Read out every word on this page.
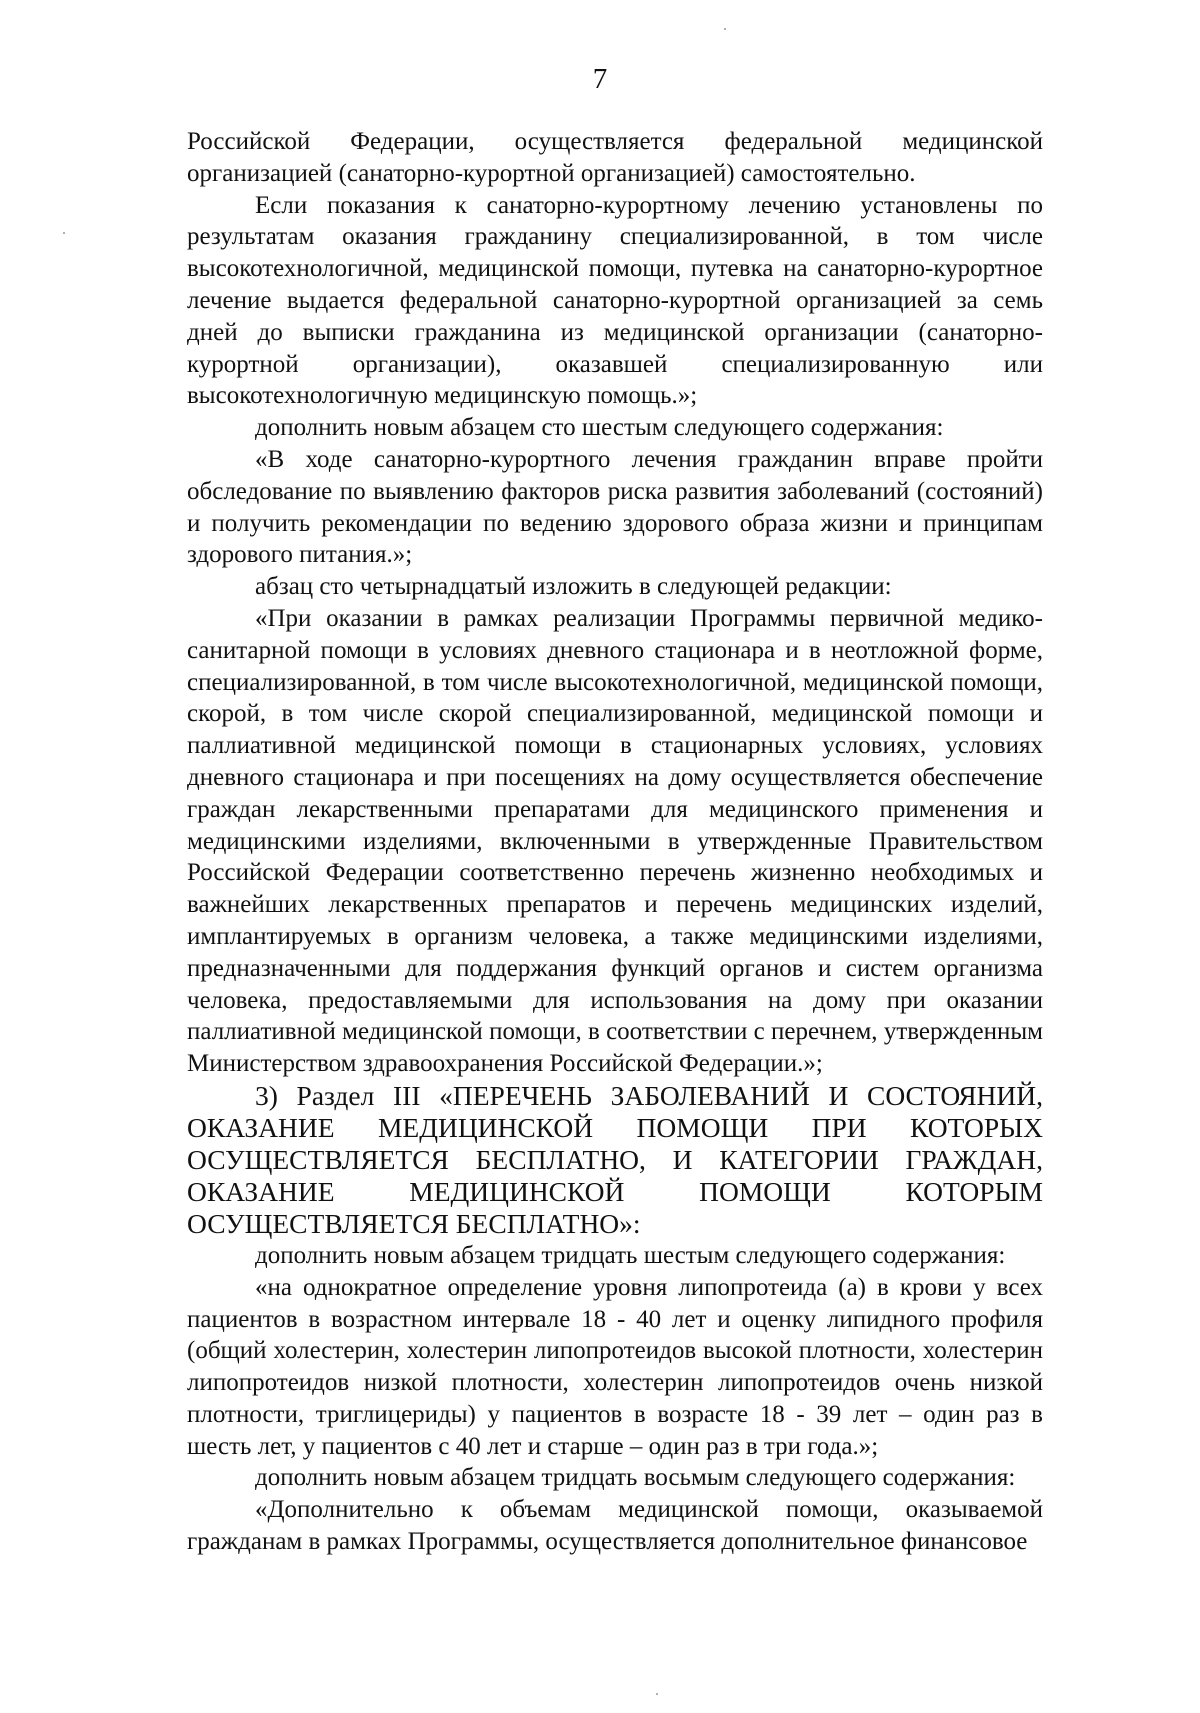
7

Российской Федерации, осуществляется федеральной медицинской организацией (санаторно-курортной организацией) самостоятельно.

Если показания к санаторно-курортному лечению установлены по результатам оказания гражданину специализированной, в том числе высокотехнологичной, медицинской помощи, путевка на санаторно-курортное лечение выдается федеральной санаторно-курортной организацией за семь дней до выписки гражданина из медицинской организации (санаторно-курортной организации), оказавшей специализированную или высокотехнологичную медицинскую помощь.»;

дополнить новым абзацем сто шестым следующего содержания:

«В ходе санаторно-курортного лечения гражданин вправе пройти обследование по выявлению факторов риска развития заболеваний (состояний) и получить рекомендации по ведению здорового образа жизни и принципам здорового питания.»;

абзац сто четырнадцатый изложить в следующей редакции:

«При оказании в рамках реализации Программы первичной медико-санитарной помощи в условиях дневного стационара и в неотложной форме, специализированной, в том числе высокотехнологичной, медицинской помощи, скорой, в том числе скорой специализированной, медицинской помощи и паллиативной медицинской помощи в стационарных условиях, условиях дневного стационара и при посещениях на дому осуществляется обеспечение граждан лекарственными препаратами для медицинского применения и медицинскими изделиями, включенными в утвержденные Правительством Российской Федерации соответственно перечень жизненно необходимых и важнейших лекарственных препаратов и перечень медицинских изделий, имплантируемых в организм человека, а также медицинскими изделиями, предназначенными для поддержания функций органов и систем организма человека, предоставляемыми для использования на дому при оказании паллиативной медицинской помощи, в соответствии с перечнем, утвержденным Министерством здравоохранения Российской Федерации.»;

3) Раздел III «ПЕРЕЧЕНЬ ЗАБОЛЕВАНИЙ И СОСТОЯНИЙ, ОКАЗАНИЕ МЕДИЦИНСКОЙ ПОМОЩИ ПРИ КОТОРЫХ ОСУЩЕСТВЛЯЕТСЯ БЕСПЛАТНО, И КАТЕГОРИИ ГРАЖДАН, ОКАЗАНИЕ МЕДИЦИНСКОЙ ПОМОЩИ КОТОРЫМ ОСУЩЕСТВЛЯЕТСЯ БЕСПЛАТНО»:

дополнить новым абзацем тридцать шестым следующего содержания:

«на однократное определение уровня липопротеида (а) в крови у всех пациентов в возрастном интервале 18 - 40 лет и оценку липидного профиля (общий холестерин, холестерин липопротеидов высокой плотности, холестерин липопротеидов низкой плотности, холестерин липопротеидов очень низкой плотности, триглицериды) у пациентов в возрасте 18 - 39 лет – один раз в шесть лет, у пациентов с 40 лет и старше – один раз в три года.»;

дополнить новым абзацем тридцать восьмым следующего содержания:

«Дополнительно к объемам медицинской помощи, оказываемой гражданам в рамках Программы, осуществляется дополнительное финансовое
